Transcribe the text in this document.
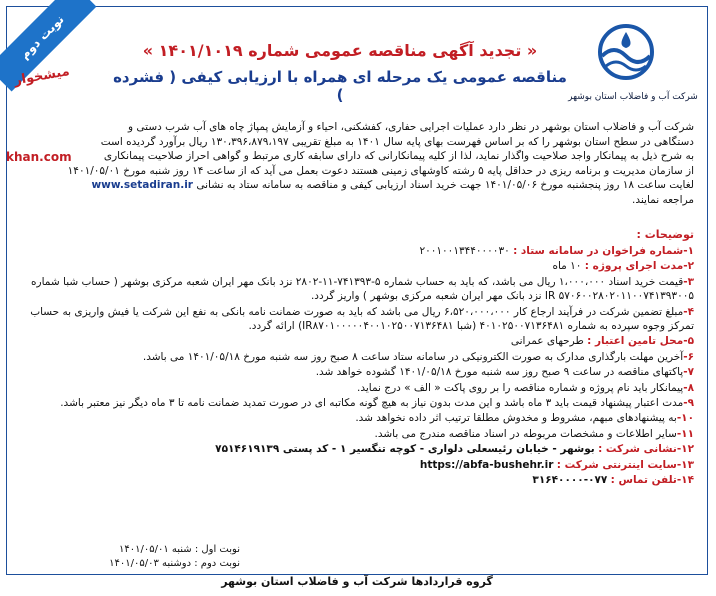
شرکت آب و فاضلاب استان بوشهر
نوبت دوم
میشخوار
khan.com
« تجدید آگهی مناقصه عمومی شماره ۱۴۰۱/۱۰۱۹ »
مناقصه عمومی یک مرحله ای همراه با ارزیابی کیفی ( فشرده )

شرکت آب و فاضلاب استان بوشهر در نظر دارد عملیات اجرایی حفاری، کفشکنی، احیاء و آزمایش پمپاژ چاه های آب شرب دستی و

دستگاهی در سطح استان بوشهر را که بر اساس فهرست بهای پایه سال ۱۴۰۱ به مبلغ تقریبی ۱۳۰،۳۹۶،۸۷۹،۱۹۷ ریال برآورد گردیده است

به شرح ذیل به پیمانکار واجد صلاحیت واگذار نماید، لذا از کلیه پیمانکارانی که دارای سابقه کاری مرتبط و گواهی احراز صلاحیت پیمانکاری

از سازمان مدیریت و برنامه ریزی در حداقل پایه ۵ رشته کاوشهای زمینی هستند دعوت بعمل می آید که از ساعت ۱۴ روز شنبه مورخ ۱۴۰۱/۰۵/۰۱

لغایت ساعت ۱۸ روز پنجشنبه مورخ ۱۴۰۱/۰۵/۰۶ جهت خرید اسناد ارزیابی کیفی و مناقصه به سامانه ستاد به نشانی www.setadiran.ir

مراجعه نمایند.

توضیحات :
۱-شماره فراخوان در سامانه ستاد : ۲۰۰۱۰۰۱۳۴۴۰۰۰۰۳۰
۲-مدت اجرای پروژه : ۱۰ ماه
۳-قیمت خرید اسناد ۱،۰۰۰،۰۰۰ ریال می باشد، که باید به حساب شماره ۵-۷۴۱۳۹۳-۱۱-۲۸۰۲ نزد بانک مهر ایران شعبه مرکزی بوشهر ( حساب شبا شماره IR ۵۷۰۶۰۰۲۸۰۲۰۱۱۰۰۷۴۱۳۹۳۰۰۵ نزد بانک مهر ایران شعبه مرکزی بوشهر ) واریز گردد.
۴-مبلغ تضمین شرکت در فرآیند ارجاع کار ۶،۵۲۰،۰۰۰،۰۰۰ ریال می باشد که باید به صورت ضمانت نامه بانکی به نفع این شرکت یا فیش واریزی به حساب تمرکز وجوه سپرده به شماره ۴۰۱۰۲۵۰۰۷۱۳۶۴۸۱ (شبا IR۸۷۰۱۰۰۰۰۰۴۰۰۱۰۲۵۰۰۷۱۳۶۴۸۱) ارائه گردد.
۵-محل تامین اعتبار : طرحهای عمرانی
۶-آخرین مهلت بارگذاری مدارک به صورت الکترونیکی در سامانه ستاد ساعت ۸ صبح روز سه شنبه مورخ ۱۴۰۱/۰۵/۱۸ می باشد.
۷-پاکتهای مناقصه در ساعت ۹ صبح روز سه شنبه مورخ ۱۴۰۱/۰۵/۱۸ گشوده خواهد شد.
۸-پیمانکار باید نام پروژه و شماره مناقصه را بر روی پاکت « الف » درج نماید.
۹-مدت اعتبار پیشنهاد قیمت باید ۳ ماه باشد و این مدت بدون نیاز به هیچ گونه مکاتبه ای در صورت تمدید ضمانت نامه تا ۳ ماه دیگر نیز معتبر باشد.
۱۰-به پیشنهادهای مبهم، مشروط و مخدوش مطلقا ترتیب اثر داده نخواهد شد.
۱۱-سایر اطلاعات و مشخصات مربوطه در اسناد مناقصه مندرج می باشد.
۱۲-نشانی شرکت : بوشهر - خیابان رئیسعلی دلواری - کوچه تنگسیر ۱ - کد پستی ۷۵۱۴۶۱۹۱۳۹
۱۳-سایت اینترنتی شرکت : https://abfa-bushehr.ir
۱۴-تلفن تماس : ۰۷۷-۳۱۶۴۰۰۰۰
نوبت اول : شنبه ۱۴۰۱/۰۵/۰۱
نوبت دوم : دوشنبه ۱۴۰۱/۰۵/۰۳
گروه قراردادها شرکت آب و فاضلاب استان بوشهر
